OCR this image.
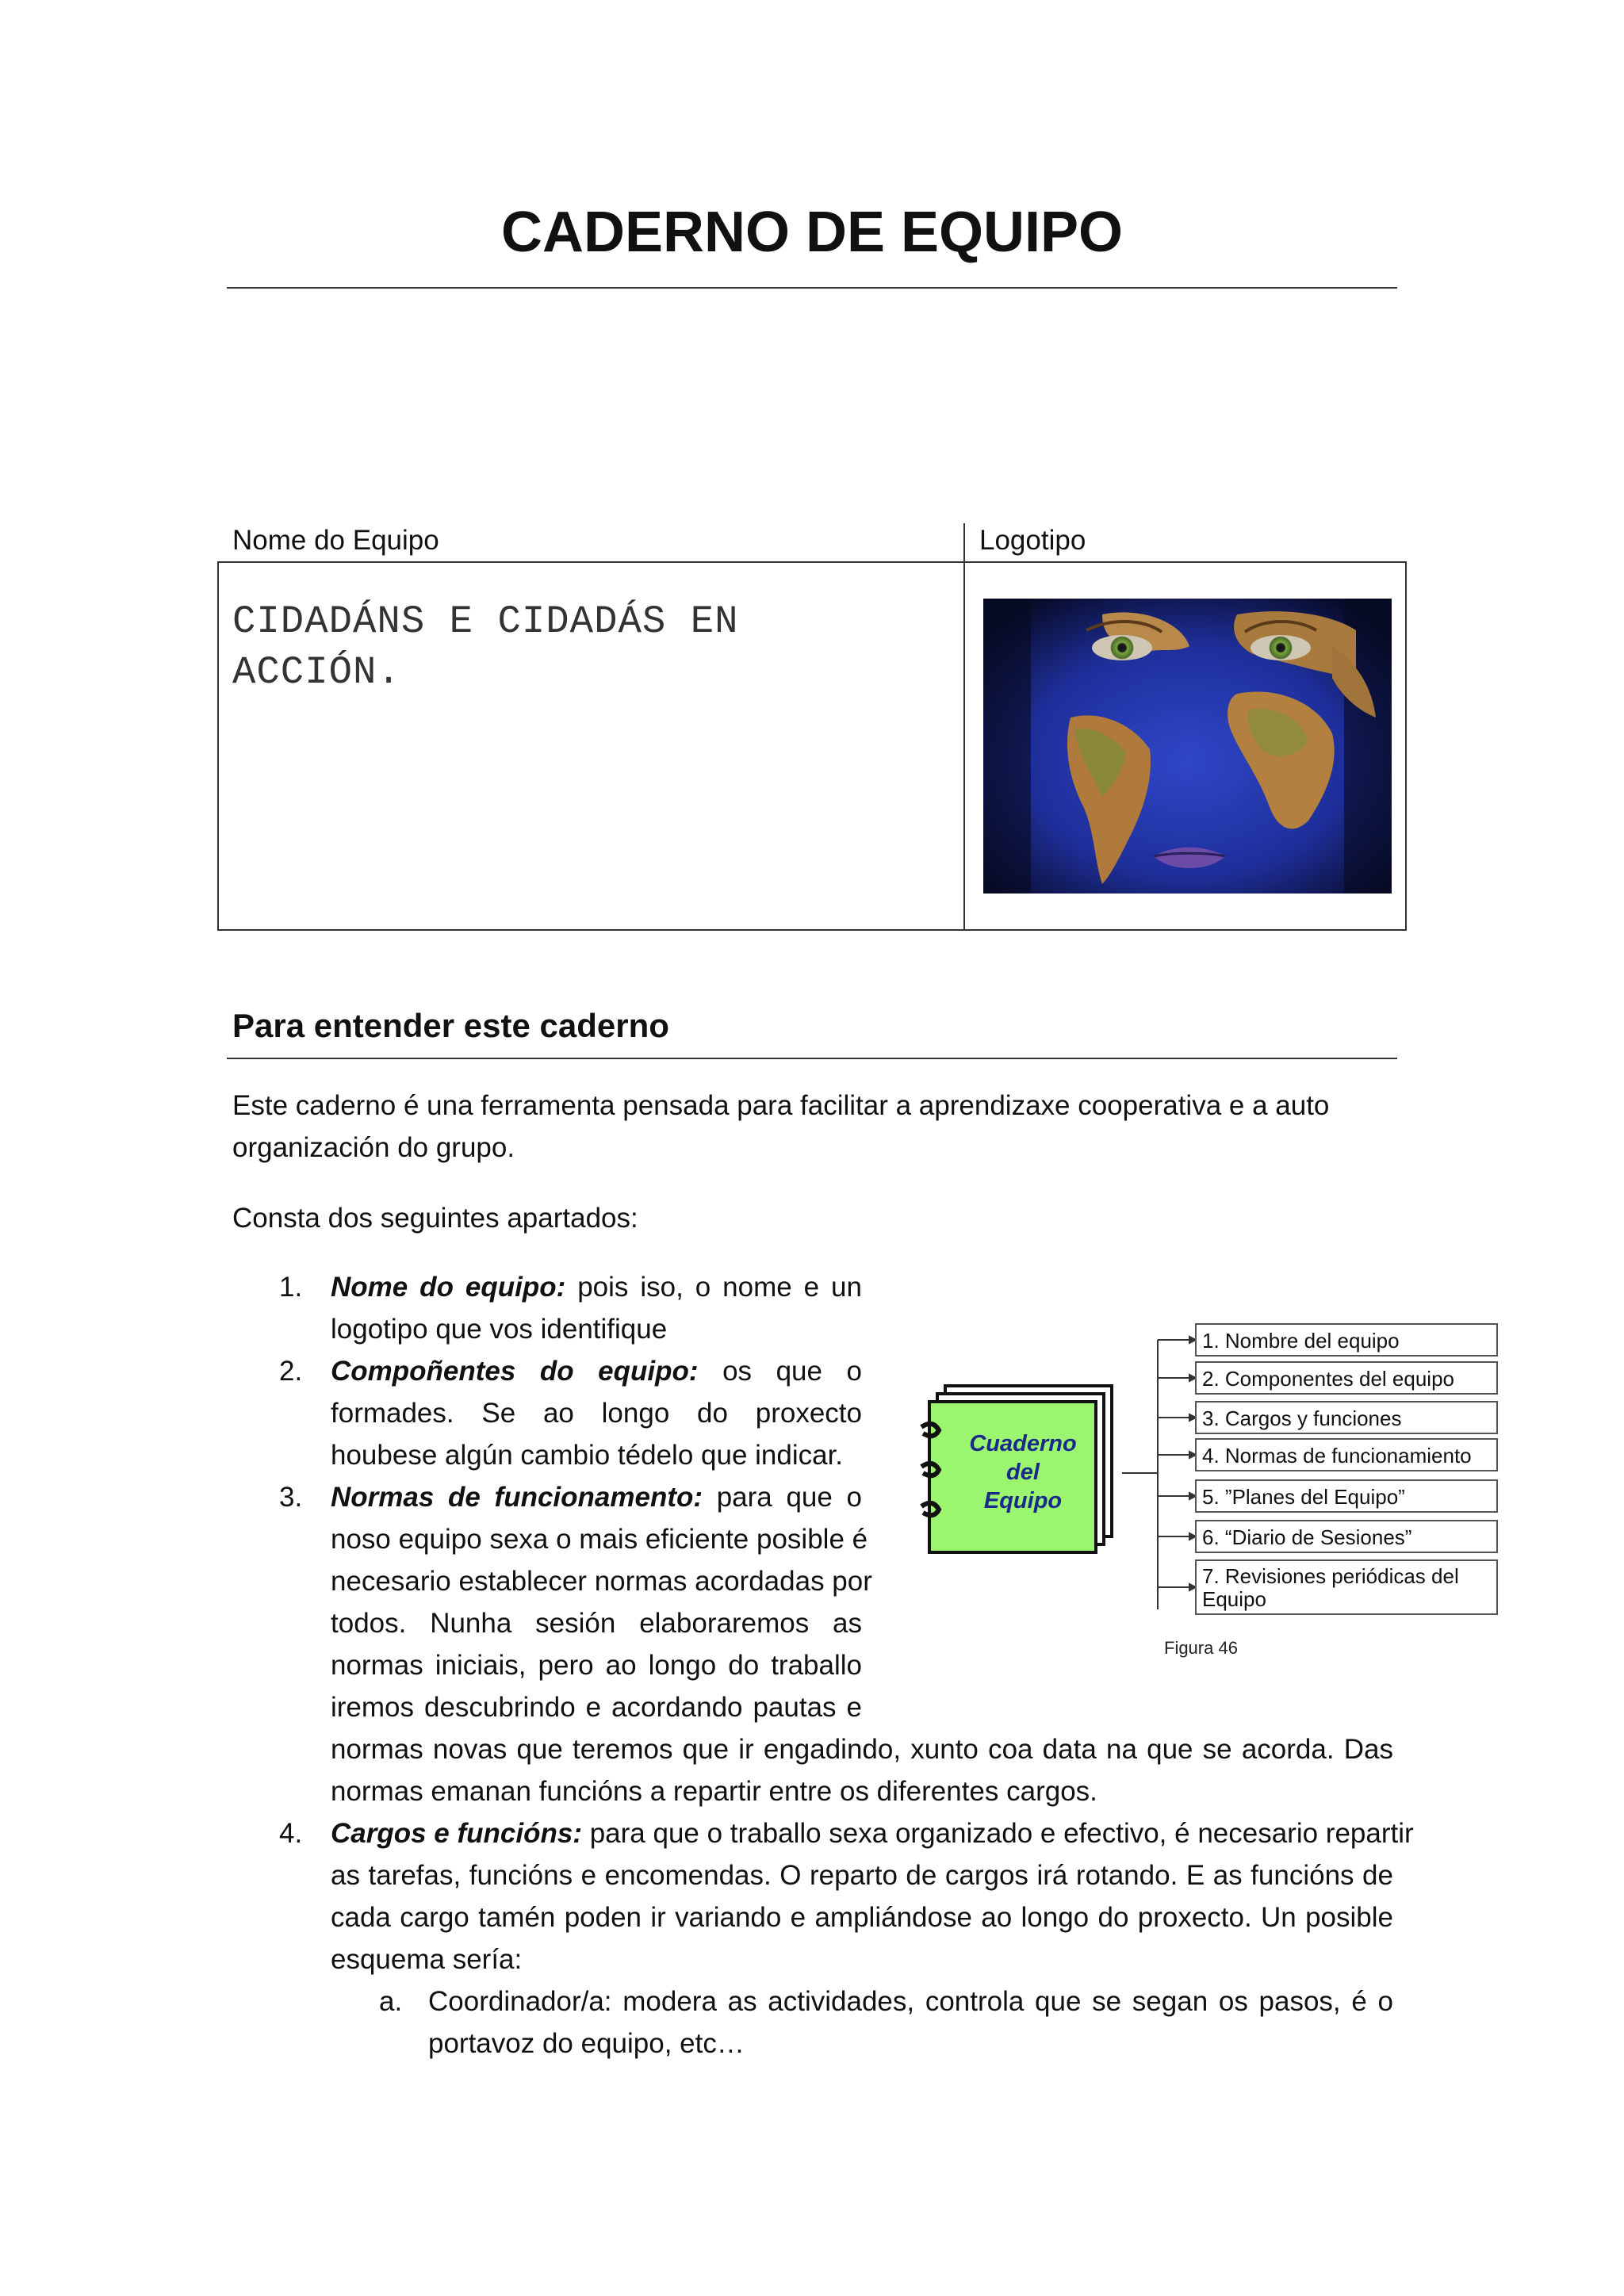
CADERNO DE EQUIPO
Nome do Equipo	Logotipo
CIDADÁNS E CIDADÁS EN ACCIÓN.
Para entender este caderno
Este caderno é una ferramenta pensada para facilitar a aprendizaxe cooperativa e a auto
organización do grupo.
Consta dos seguintes apartados:
1. Nome do equipo: pois iso, o nome e un
logotipo que vos identifique
2. Compoñentes do equipo: os que o
formades. Se ao longo do proxecto
houbese algún cambio tédelo que indicar.
3. Normas de funcionamento: para que o
noso equipo sexa o mais eficiente posible é
necesario establecer normas acordadas por
todos. Nunha sesión elaboraremos as
normas iniciais, pero ao longo do traballo
iremos descubrindo e acordando pautas e
normas novas que teremos que ir engadindo, xunto coa data na que se acorda. Das
normas emanan funcións a repartir entre os diferentes cargos.
4. Cargos e funcións: para que o traballo sexa organizado e efectivo, é necesario repartir
as tarefas, funcións e encomendas. O reparto de cargos irá rotando. E as funcións de
cada cargo tamén poden ir variando e ampliándose ao longo do proxecto. Un posible
esquema sería:
a. Coordinador/a: modera as actividades, controla que se segan os pasos, é o
portavoz do equipo, etc…
Cuaderno
del
Equipo
1. Nombre del equipo
2. Componentes del equipo
3. Cargos y funciones
4. Normas de funcionamiento
5. ”Planes del Equipo”
6. “Diario de Sesiones”
7. Revisiones periódicas del
Equipo
Figura 46
